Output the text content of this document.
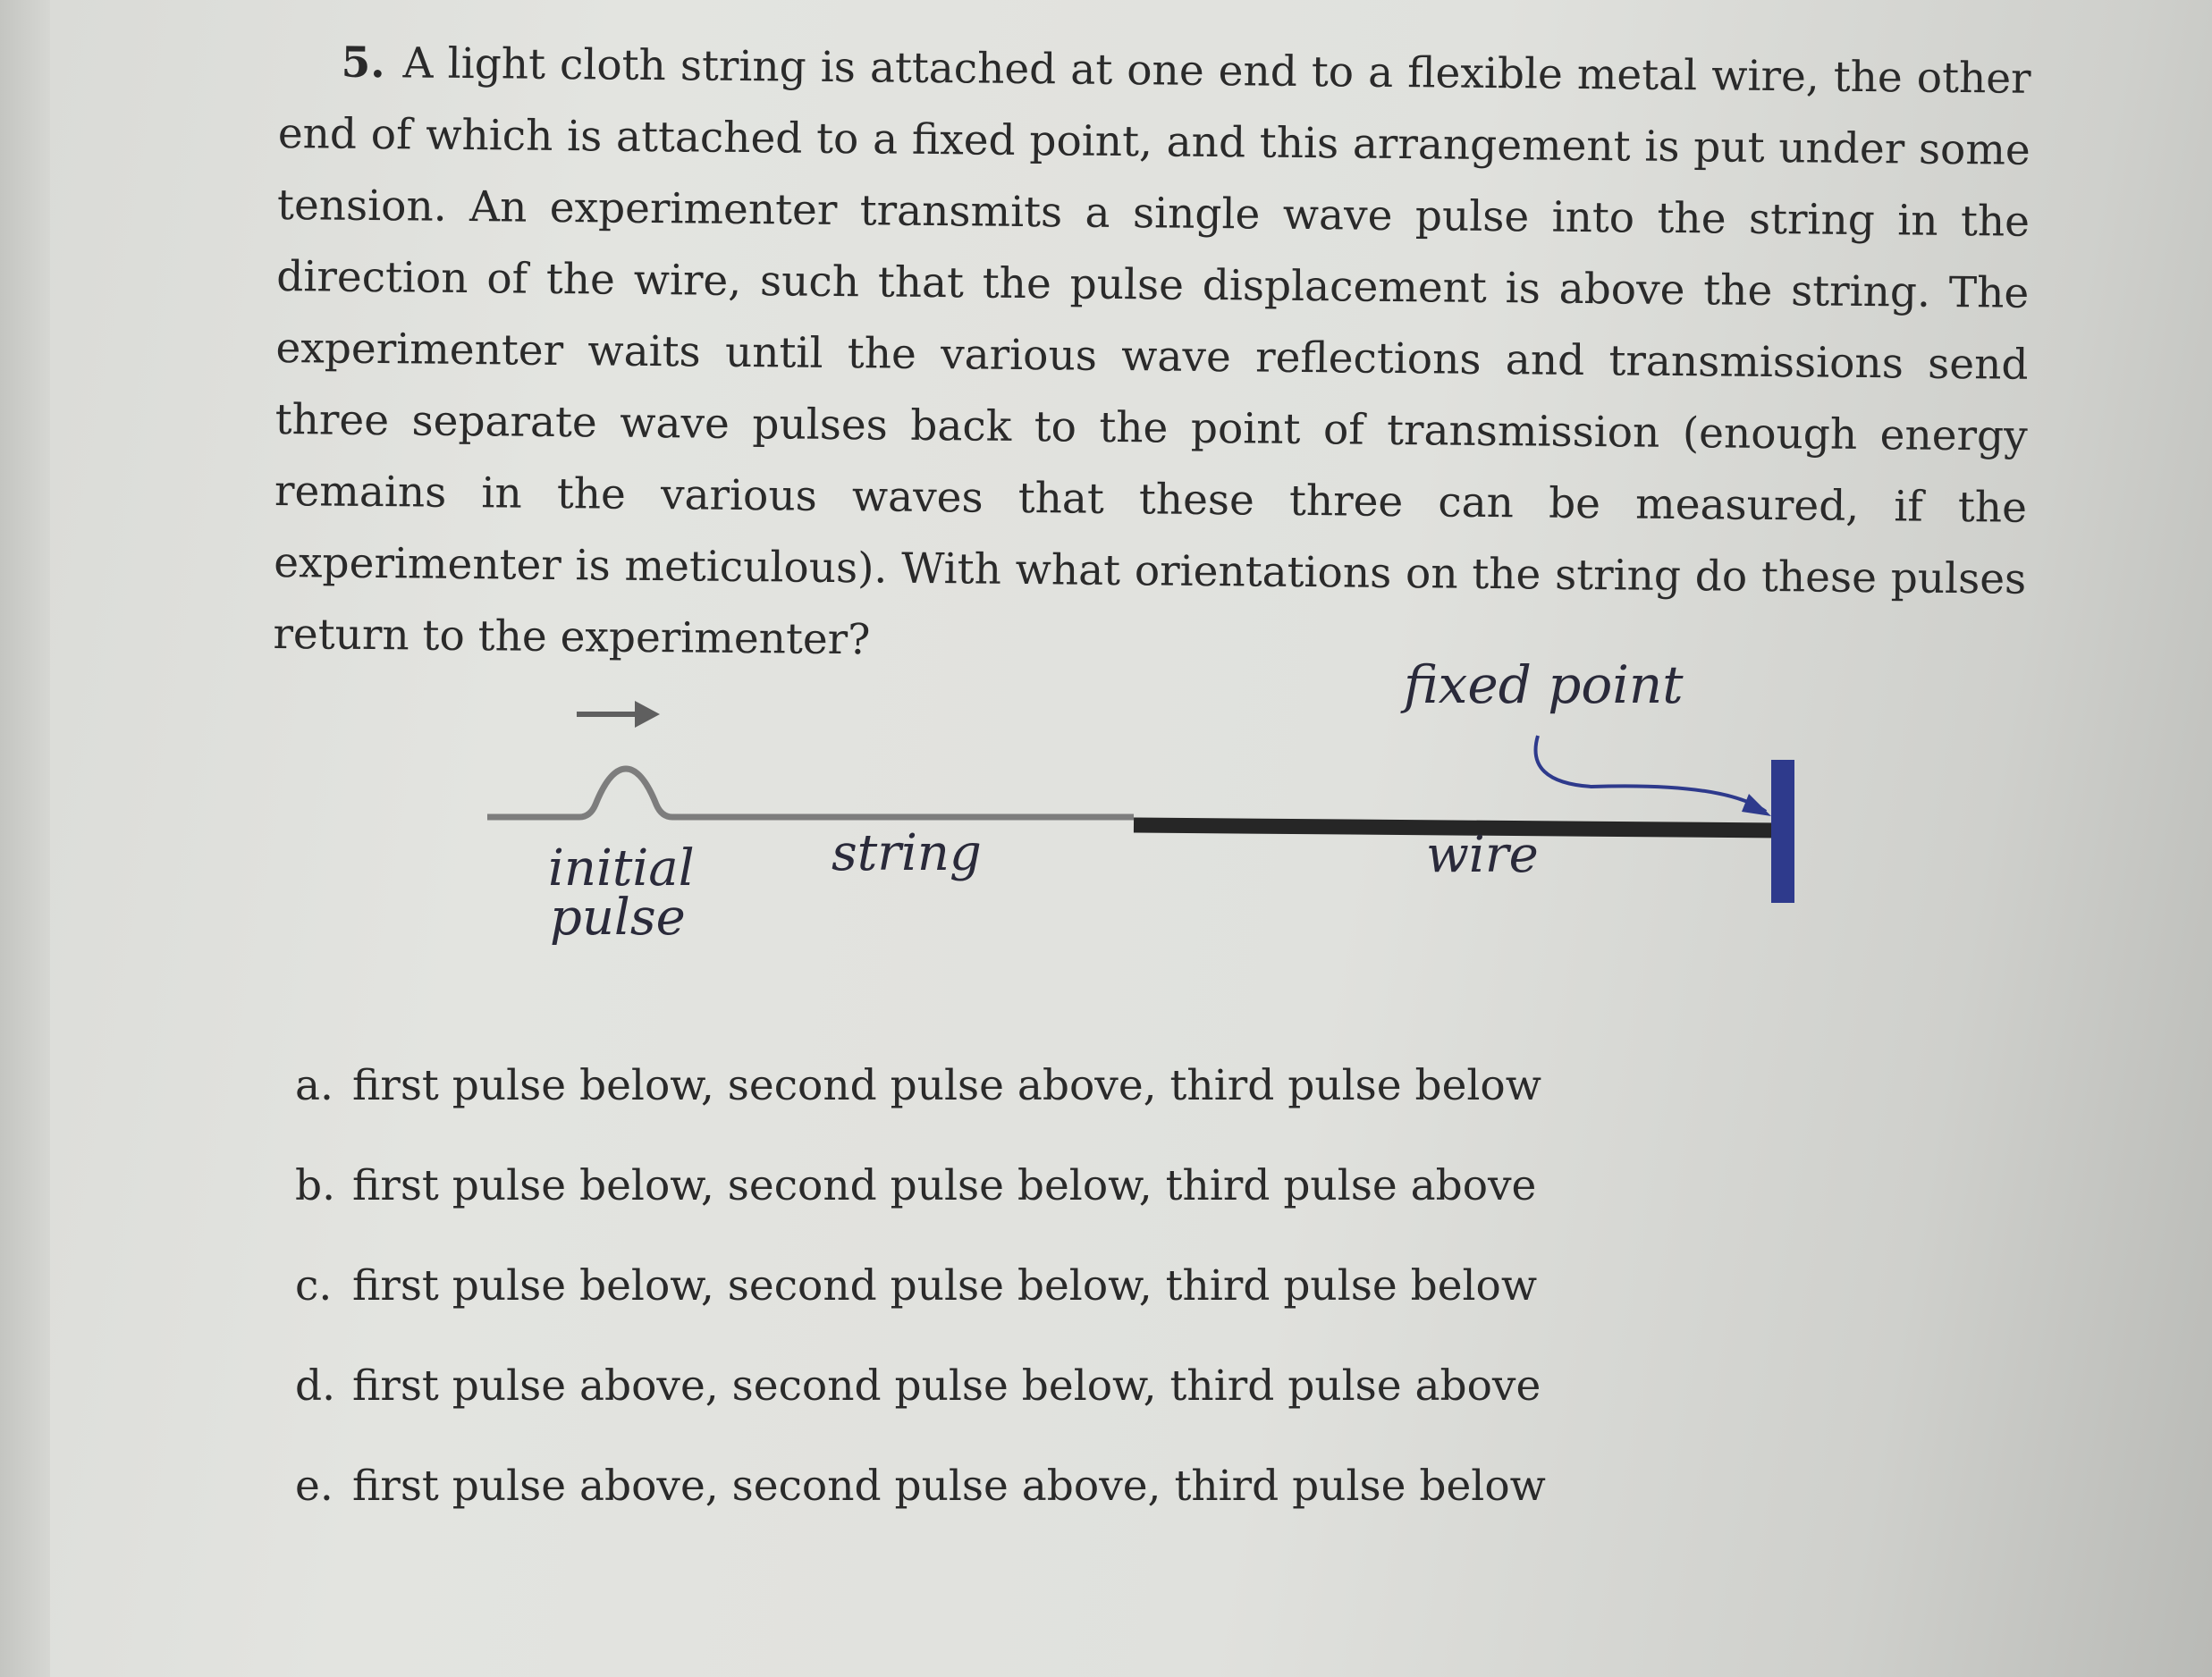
5. A light cloth string is attached at one end to a flexible metal wire, the other end of which is attached to a fixed point, and this arrangement is put under some tension. An experimenter transmits a single wave pulse into the string in the direction of the wire, such that the pulse displacement is above the string. The experimenter waits until the various wave reflections and transmissions send three separate wave pulses back to the point of transmission (enough energy remains in the various waves that these three can be measured, if the experimenter is meticulous). With what orientations on the string do these pulses return to the experimenter?
initial
pulse
string	wire
fixed point
a. first pulse below, second pulse above, third pulse below
b. first pulse below, second pulse below, third pulse above
c. first pulse below, second pulse below, third pulse below
d. first pulse above, second pulse below, third pulse above
e. first pulse above, second pulse above, third pulse below
